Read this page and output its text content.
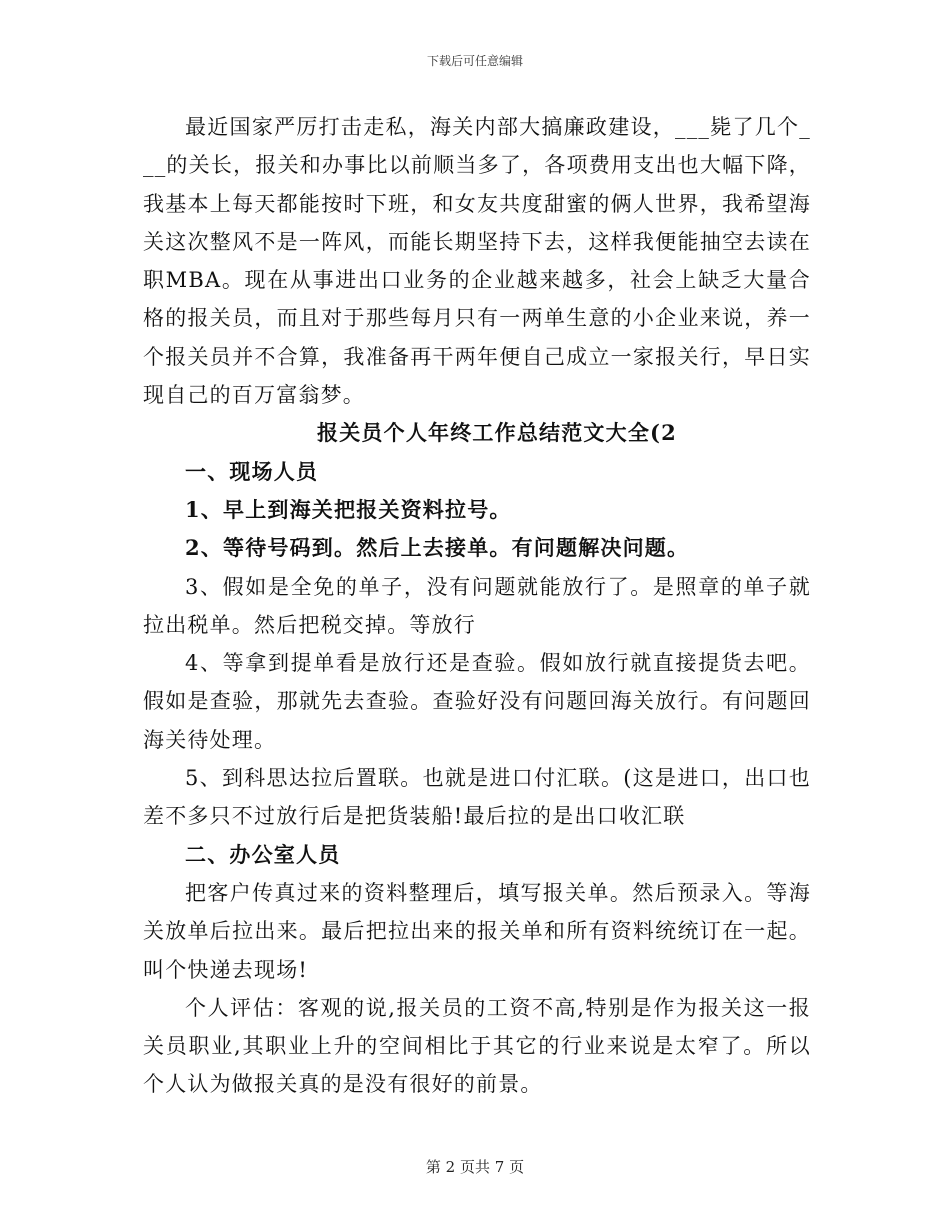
下载后可任意编辑

最近国家严厉打击走私，海关内部大搞廉政建设，___毙了几个___的关长，报关和办事比以前顺当多了，各项费用支出也大幅下降，我基本上每天都能按时下班，和女友共度甜蜜的俩人世界，我希望海关这次整风不是一阵风，而能长期坚持下去，这样我便能抽空去读在职MBA。现在从事进出口业务的企业越来越多，社会上缺乏大量合格的报关员，而且对于那些每月只有一两单生意的小企业来说，养一个报关员并不合算，我准备再干两年便自己成立一家报关行，早日实现自己的百万富翁梦。

报关员个人年终工作总结范文大全(2

一、现场人员

1、早上到海关把报关资料拉号。

2、等待号码到。然后上去接单。有问题解决问题。

3、假如是全免的单子，没有问题就能放行了。是照章的单子就拉出税单。然后把税交掉。等放行

4、等拿到提单看是放行还是查验。假如放行就直接提货去吧。假如是查验，那就先去查验。查验好没有问题回海关放行。有问题回海关待处理。

5、到科思达拉后置联。也就是进口付汇联。(这是进口，出口也差不多只不过放行后是把货装船!最后拉的是出口收汇联

二、办公室人员

把客户传真过来的资料整理后，填写报关单。然后预录入。等海关放单后拉出来。最后把拉出来的报关单和所有资料统统订在一起。叫个快递去现场!

个人评估：客观的说,报关员的工资不高,特别是作为报关这一报关员职业,其职业上升的空间相比于其它的行业来说是太窄了。所以个人认为做报关真的是没有很好的前景。

第 2 页共 7 页
